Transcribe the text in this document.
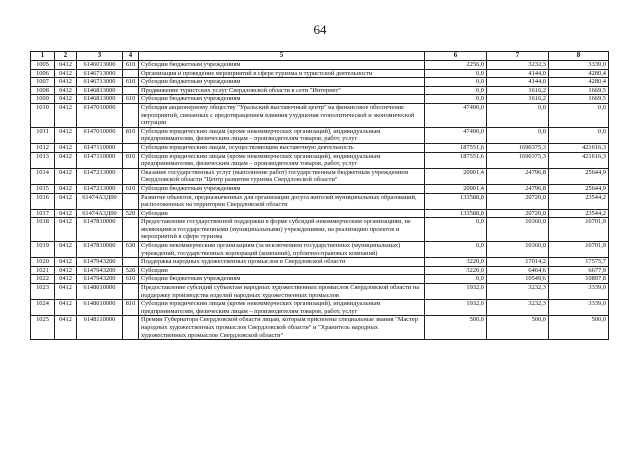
64
1	2	3	4	5	6	7	8
1005	0412	6146013000	610	Субсидии бюджетным учреждениям	2256,0	3232,3	3339,0
1006	0412	6146713000		Организация и проведение мероприятий в сфере туризма и туристской деятельности	0,0	4144,0	4280,4
1007	0412	6146713000	610	Субсидии бюджетным учреждениям	0,0	4144,0	4280,4
1008	0412	6146813000		Продвижение туристских услуг Свердловской области в сети "Интернет"	0,0	1616,2	1669,5
1009	0412	6146813000	610	Субсидии бюджетным учреждениям	0,0	1616,2	1669,5
1010	0412	6147010000		Субсидия акционерному обществу "Уральский выставочный центр" на финансовое обеспечение мероприятий, связанных с предотвращением влияния ухудшения геополитической и экономической ситуации	47490,0	0,0	0,0
1011	0412	6147010000	810	Субсидии юридическим лицам (кроме некоммерческих организаций), индивидуальным предпринимателям, физическим лицам – производителям товаров, работ, услуг	47490,0	0,0	0,0
1012	0412	6147110000		Субсидии юридическим лицам, осуществляющим выставочную деятельность	187551,6	1690375,3	421616,3
1013	0412	6147110000	810	Субсидии юридическим лицам (кроме некоммерческих организаций), индивидуальным предпринимателям, физическим лицам – производителям товаров, работ, услуг	187551,6	1690375,3	421616,3
1014	0412	6147213000		Оказание государственных услуг (выполнение работ) государственным бюджетным учреждением Свердловской области "Центр развития туризма Свердловской области"	20901,4	24796,8	25644,9
1015	0412	6147213000	610	Субсидии бюджетным учреждениям	20901,4	24796,8	25644,9
1016	0412	61474А3Д00		Развитие объектов, предназначенных для организации досуга жителей муниципальных образований, расположенных на территории Свердловской области	133588,8	20720,0	23544,2
1017	0412	61474А3Д00	520	Субсидии	133588,8	20720,0	23544,2
1018	0412	6147810000		Предоставление государственной поддержки в форме субсидий некоммерческим организациям, не являющимся государственными (муниципальными) учреждениями, на реализацию проектов и мероприятий в сфере туризма	0,0	10360,0	10701,9
1019	0412	6147810000	630	Субсидии некоммерческим организациям (за исключением государственных (муниципальных) учреждений, государственных корпораций (компаний), публично-правовых компаний)	0,0	10360,0	10701,9
1020	0412	6147943200		Поддержка народных художественных промыслов в Свердловской области	3220,0	17014,2	17575,7
1021	0412	6147943200	520	Субсидии	3220,0	6464,6	6677,9
1022	0412	6147943200	610	Субсидии бюджетным учреждениям	0,0	10549,6	10897,8
1023	0412	6148010000		Предоставление субсидий субъектам народных художественных промыслов Свердловской области на поддержку производства изделий народных художественных промыслов	1932,0	3232,3	3339,0
1024	0412	6148010000	810	Субсидии юридическим лицам (кроме некоммерческих организаций), индивидуальным предпринимателям, физическим лицам – производителям товаров, работ, услуг	1932,0	3232,3	3339,0
1025	0412	6148110000		Премии Губернатора Свердловской области лицам, которым присвоены специальные звания "Мастер народных художественных промыслов Свердловской области" и "Хранитель народных художественных промыслов Свердловской области"	500,0	500,0	500,0
